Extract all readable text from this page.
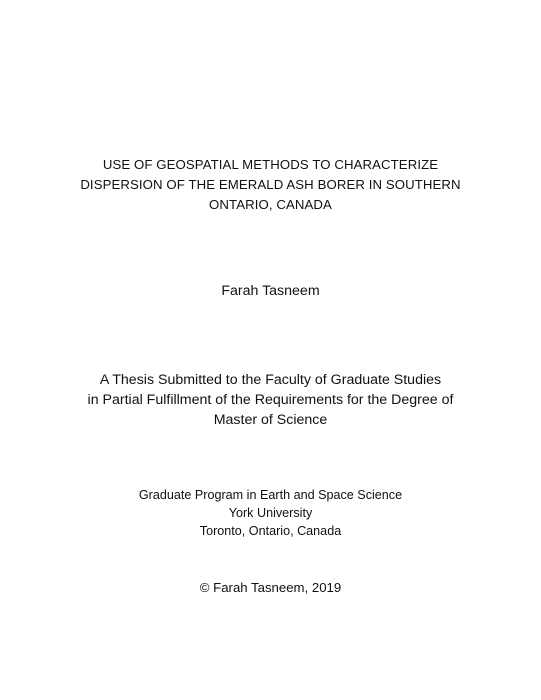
USE OF GEOSPATIAL METHODS TO CHARACTERIZE
DISPERSION OF THE EMERALD ASH BORER IN SOUTHERN
ONTARIO, CANADA
Farah Tasneem
A Thesis Submitted to the Faculty of Graduate Studies
in Partial Fulfillment of the Requirements for the Degree of
Master of Science
Graduate Program in Earth and Space Science
York University
Toronto, Ontario, Canada
© Farah Tasneem, 2019
